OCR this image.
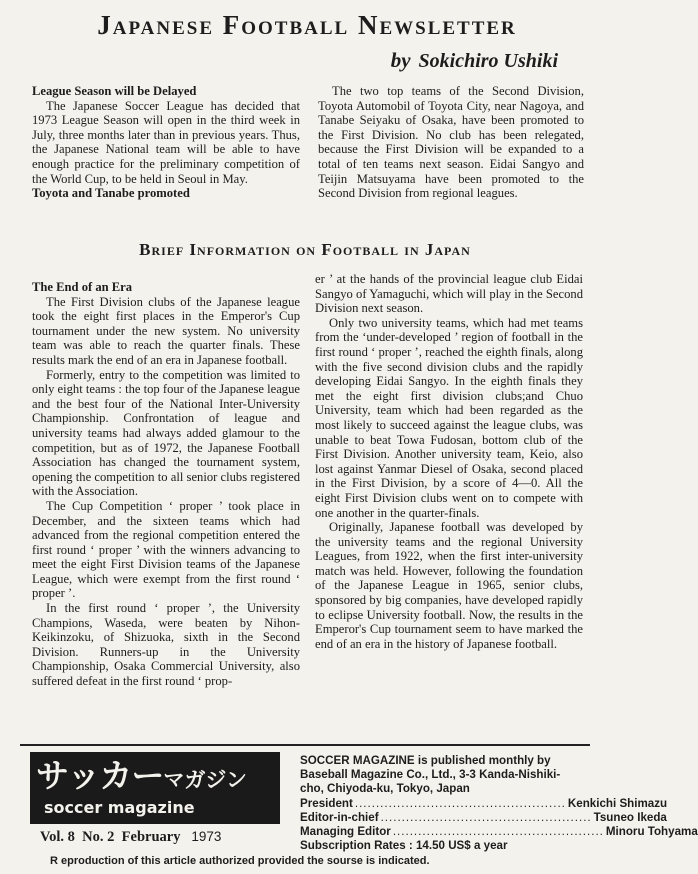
Japanese Football Newsletter
by Sokichiro Ushiki

League Season will be Delayed

The Japanese Soccer League has decided that 1973 League Season will open in the third week in July, three months later than in previous years. Thus, the Japanese National team will be able to have enough practice for the preliminary competition of the World Cup, to be held in Seoul in May.

Toyota and Tanabe promoted

The two top teams of the Second Division, Toyota Automobil of Toyota City, near Nagoya, and Tanabe Seiyaku of Osaka, have been promoted to the First Division. No club has been relegated, because the First Division will be expanded to a total of ten teams next season. Eidai Sangyo and Teijin Matsuyama have been promoted to the Second Division from regional leagues.

Brief Information on Football in Japan

The End of an Era

The First Division clubs of the Japanese league took the eight first places in the Emperor's Cup tournament under the new system. No university team was able to reach the quarter finals. These results mark the end of an era in Japanese football.

Formerly, entry to the competition was limited to only eight teams : the top four of the Japanese league and the best four of the National Inter-University Championship. Confrontation of league and university teams had always added glamour to the competition, but as of 1972, the Japanese Football Association has changed the tournament system, opening the competition to all senior clubs registered with the Association.

The Cup Competition ‘ proper ’ took place in December, and the sixteen teams which had advanced from the regional competition entered the first round ‘ proper ’ with the winners advancing to meet the eight First Division teams of the Japanese League, which were exempt from the first round ‘ proper ’.

In the first round ‘ proper ’, the University Champions, Waseda, were beaten by Nihon-Keikinzoku, of Shizuoka, sixth in the Second Division. Runners-up in the University Championship, Osaka Commercial University, also suffered defeat in the first round ‘ prop-

er ’ at the hands of the provincial league club Eidai Sangyo of Yamaguchi, which will play in the Second Division next season.

Only two university teams, which had met teams from the ‘under-developed ’ region of football in the first round ‘ proper ’, reached the eighth finals, along with the five second division clubs and the rapidly developing Eidai Sangyo. In the eighth finals they met the eight first division clubs;and Chuo University, team which had been regarded as the most likely to succeed against the league clubs, was unable to beat Towa Fudosan, bottom club of the First Division. Another university team, Keio, also lost against Yanmar Diesel of Osaka, second placed in the First Division, by a score of 4—0. All the eight First Division clubs went on to compete with one another in the quarter-finals.

Originally, Japanese football was developed by the university teams and the regional University Leagues, from 1922, when the first inter-university match was held. However, following the foundation of the Japanese League in 1965, senior clubs, sponsored by big companies, have developed rapidly to eclipse University football. Now, the results in the Emperor's Cup tournament seem to have marked the end of an era in the history of Japanese football.

サッカーマガジン
soccer magazine
Vol. 8 No. 2 February 1973
SOCCER MAGAZINE is published monthly by
Baseball Magazine Co., Ltd., 3-3 Kanda-Nishiki-
cho, Chiyoda-ku, Tokyo, Japan
President .................................................. Kenkichi Shimazu
Editor-in-chief .................................................. Tsuneo Ikeda
Managing Editor .................................................. Minoru Tohyama
Subscription Rates : 14.50 US$ a year
R eproduction of this article authorized provided the sourse is indicated.
